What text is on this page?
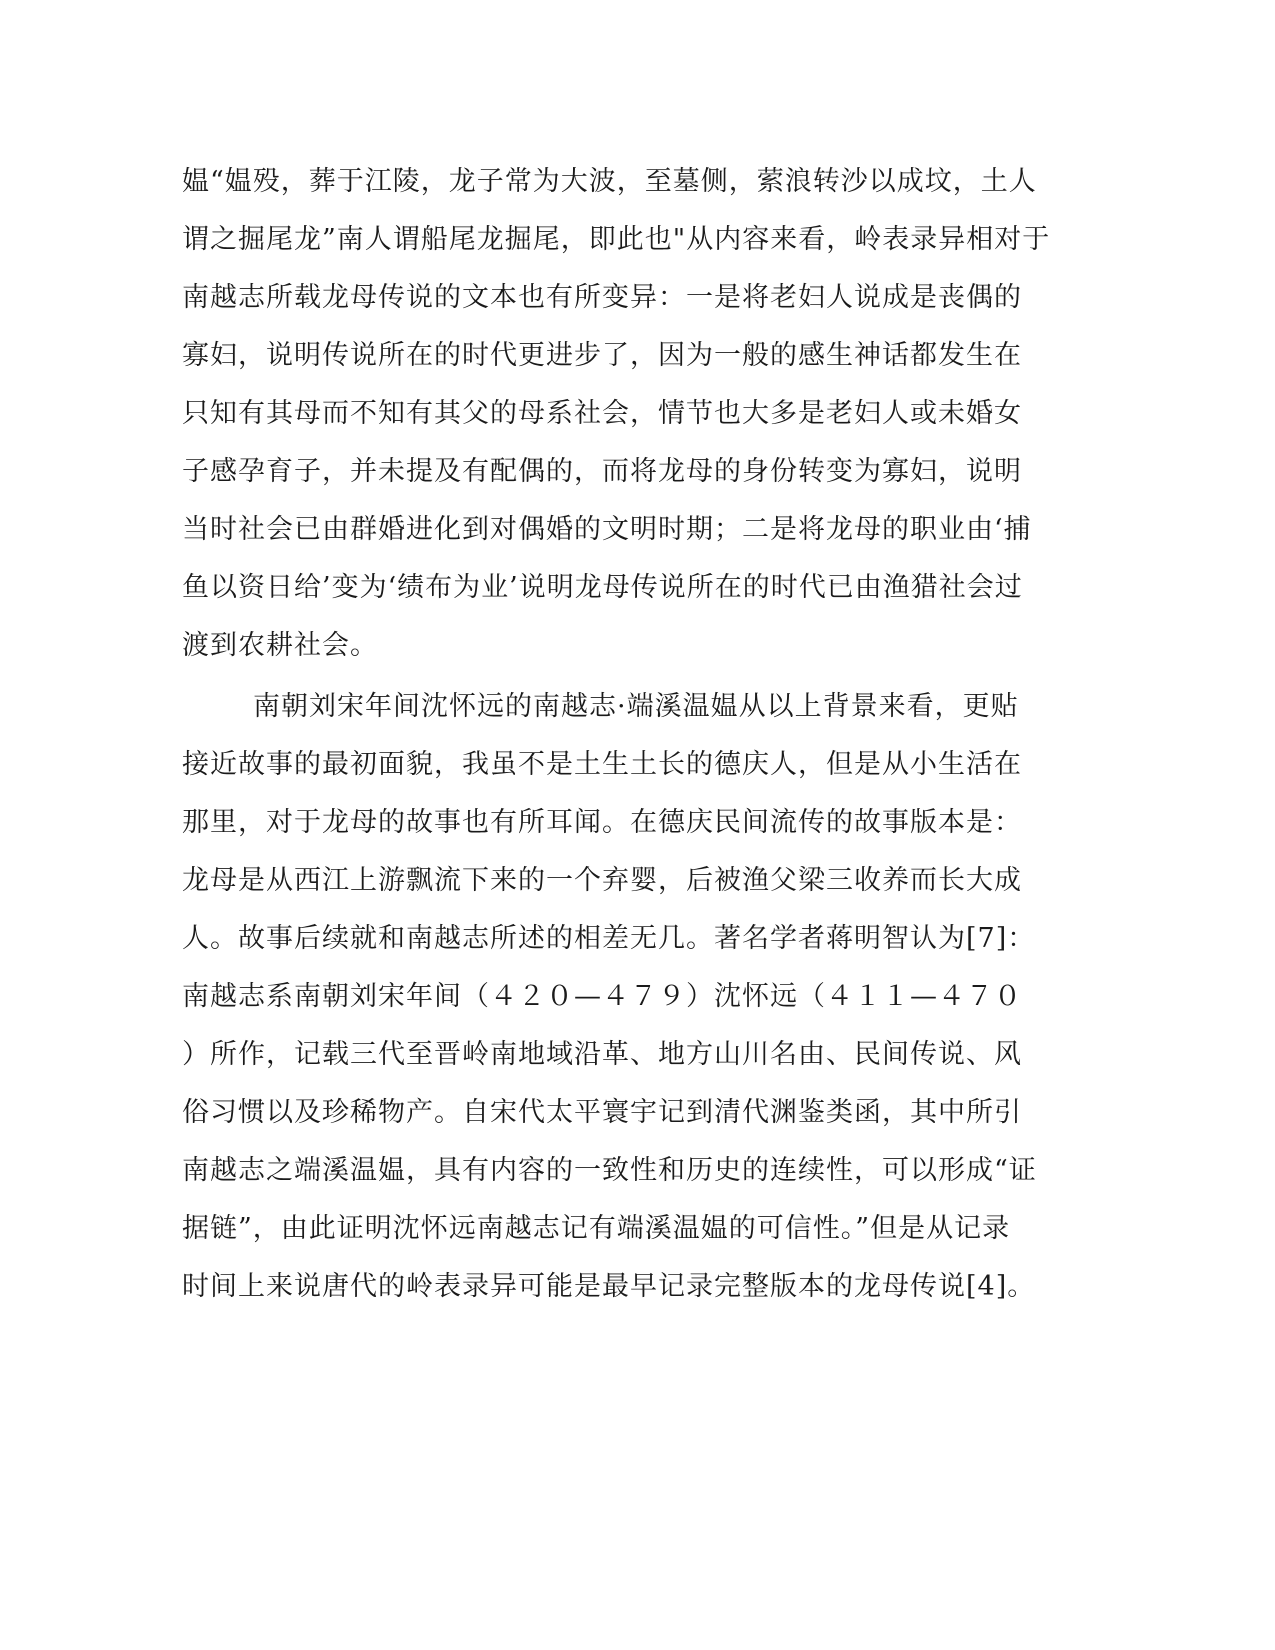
媪“媪殁，葬于江陵，龙子常为大波，至墓侧，萦浪转沙以成坟，土人
谓之掘尾龙”南人谓船尾龙掘尾，即此也"从内容来看，岭表录异相对于
南越志所载龙母传说的文本也有所变异：一是将老妇人说成是丧偶的
寡妇，说明传说所在的时代更进步了，因为一般的感生神话都发生在
只知有其母而不知有其父的母系社会，情节也大多是老妇人或未婚女
子感孕育子，并未提及有配偶的，而将龙母的身份转变为寡妇，说明
当时社会已由群婚进化到对偶婚的文明时期；二是将龙母的职业由‘捕
鱼以资日给’变为‘绩布为业’说明龙母传说所在的时代已由渔猎社会过
渡到农耕社会。
南朝刘宋年间沈怀远的南越志·端溪温媪从以上背景来看，更贴
接近故事的最初面貌，我虽不是土生土长的德庆人，但是从小生活在
那里，对于龙母的故事也有所耳闻。在德庆民间流传的故事版本是：
龙母是从西江上游飘流下来的一个弃婴，后被渔父梁三收养而长大成
人。故事后续就和南越志所述的相差无几。著名学者蒋明智认为[7]：
南越志系南朝刘宋年间（４２０—４７９）沈怀远（４１１—４７０
）所作，记载三代至晋岭南地域沿革、地方山川名由、民间传说、风
俗习惯以及珍稀物产。自宋代太平寰宇记到清代渊鉴类函，其中所引
南越志之端溪温媪，具有内容的一致性和历史的连续性，可以形成“证
据链”，由此证明沈怀远南越志记有端溪温媪的可信性。”但是从记录
时间上来说唐代的岭表录异可能是最早记录完整版本的龙母传说[4]。
